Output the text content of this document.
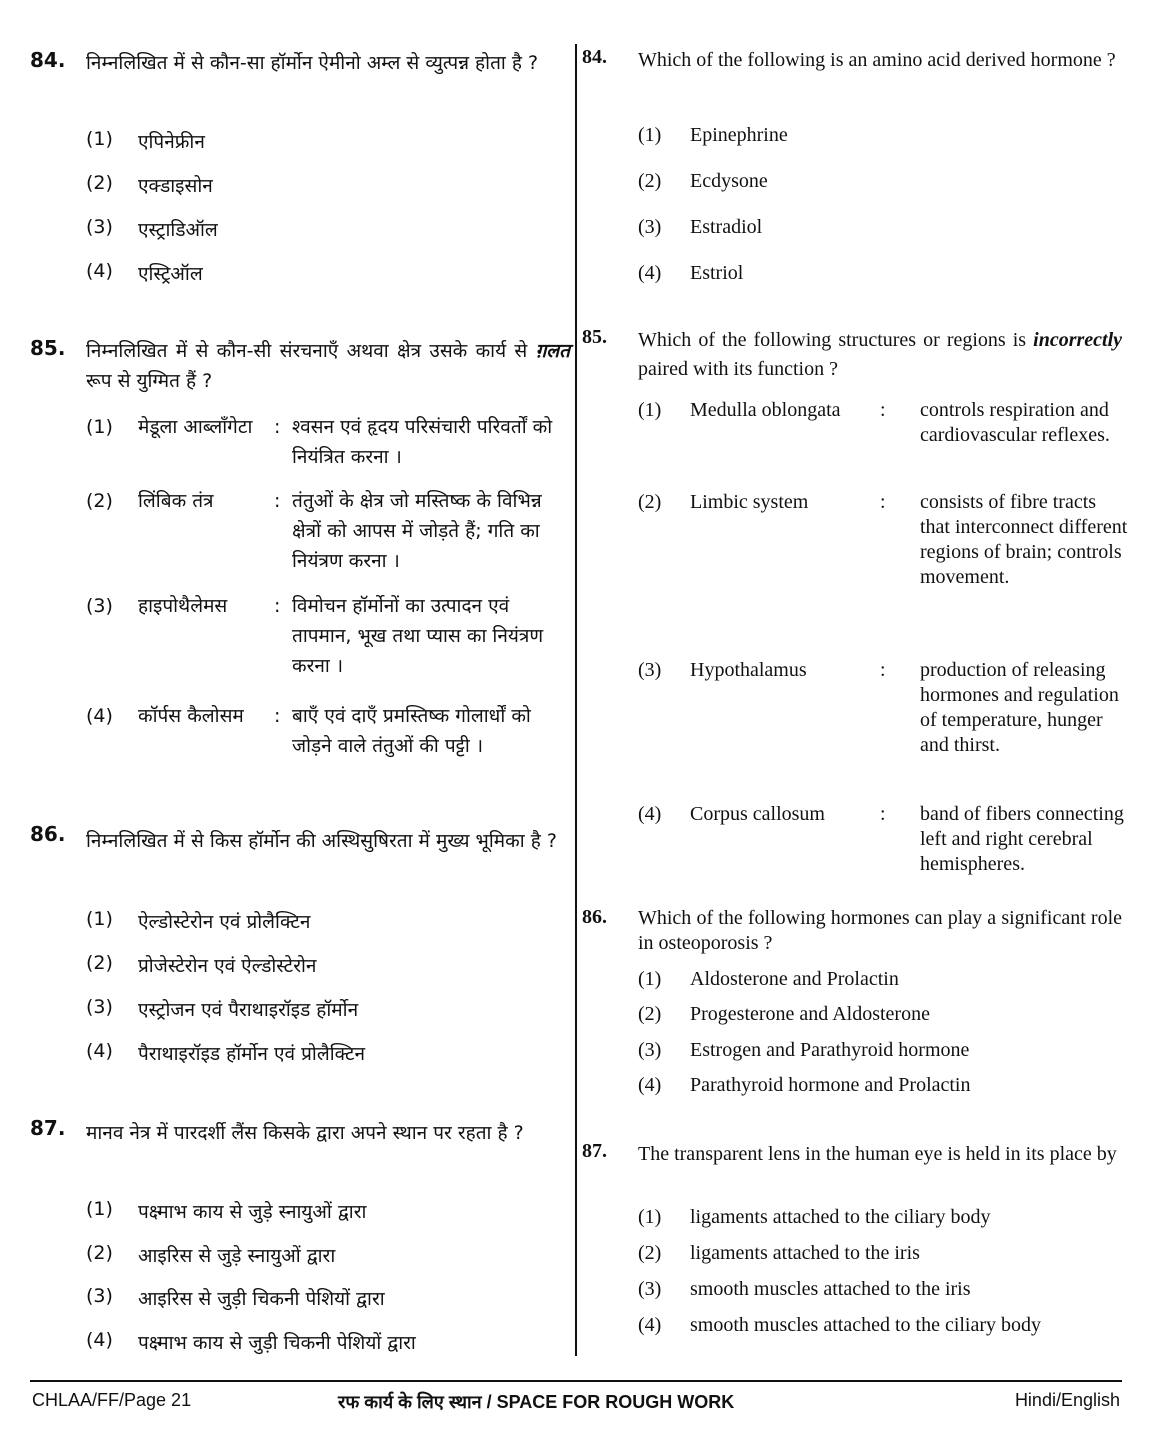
84. निम्नलिखित में से कौन-सा हॉर्मोन ऐमीनो अम्ल से व्युत्पन्न होता है ?
(1) एपिनेफ्रीन
(2) एक्डाइसोन
(3) एस्ट्राडिऑल
(4) एस्ट्रिऑल
85. निम्नलिखित में से कौन-सी संरचनाएँ अथवा क्षेत्र उसके कार्य से ग़लत रूप से युग्मित हैं ?
(1) मेडूला आब्लाँगेटा : श्वसन एवं हृदय परिसंचारी परिवर्तों को नियंत्रित करना ।
(2) लिंबिक तंत्र	: तंतुओं के क्षेत्र जो मस्तिष्क के विभिन्न क्षेत्रों को आपस में जोड़ते हैं; गति का नियंत्रण करना ।
(3) हाइपोथैलेमस : विमोचन हॉर्मोनों का उत्पादन एवं तापमान, भूख तथा प्यास का नियंत्रण करना ।
(4) कॉर्पस कैलोसम : बाएँ एवं दाएँ प्रमस्तिष्क गोलार्धों को जोड़ने वाले तंतुओं की पट्टी ।
86. निम्नलिखित में से किस हॉर्मोन की अस्थिसुषिरता में मुख्य भूमिका है ?
(1) ऐल्डोस्टेरोन एवं प्रोलैक्टिन
(2) प्रोजेस्टेरोन एवं ऐल्डोस्टेरोन
(3) एस्ट्रोजन एवं पैराथाइरॉइड हॉर्मोन
(4) पैराथाइरॉइड हॉर्मोन एवं प्रोलैक्टिन
87. मानव नेत्र में पारदर्शी लैंस किसके द्वारा अपने स्थान पर रहता है ?
(1) पक्ष्माभ काय से जुड़े स्नायुओं द्वारा
(2) आइरिस से जुड़े स्नायुओं द्वारा
(3) आइरिस से जुड़ी चिकनी पेशियों द्वारा
(4) पक्ष्माभ काय से जुड़ी चिकनी पेशियों द्वारा
84. Which of the following is an amino acid derived hormone ?
(1) Epinephrine
(2) Ecdysone
(3) Estradiol
(4) Estriol
85. Which of the following structures or regions is incorrectly paired with its function ?
(1) Medulla oblongata : controls respiration and cardiovascular reflexes.
(2) Limbic system	: consists of fibre tracts that interconnect different regions of brain; controls movement.
(3) Hypothalamus	: production of releasing hormones and regulation of temperature, hunger and thirst.
(4) Corpus callosum	: band of fibers connecting left and right cerebral hemispheres.
86. Which of the following hormones can play a significant role in osteoporosis ?
(1) Aldosterone and Prolactin
(2) Progesterone and Aldosterone
(3) Estrogen and Parathyroid hormone
(4) Parathyroid hormone and Prolactin
87. The transparent lens in the human eye is held in its place by
(1) ligaments attached to the ciliary body
(2) ligaments attached to the iris
(3) smooth muscles attached to the iris
(4) smooth muscles attached to the ciliary body
CHLAA/FF/Page 21	रफ कार्य के लिए स्थान / SPACE FOR ROUGH WORK	Hindi/English
